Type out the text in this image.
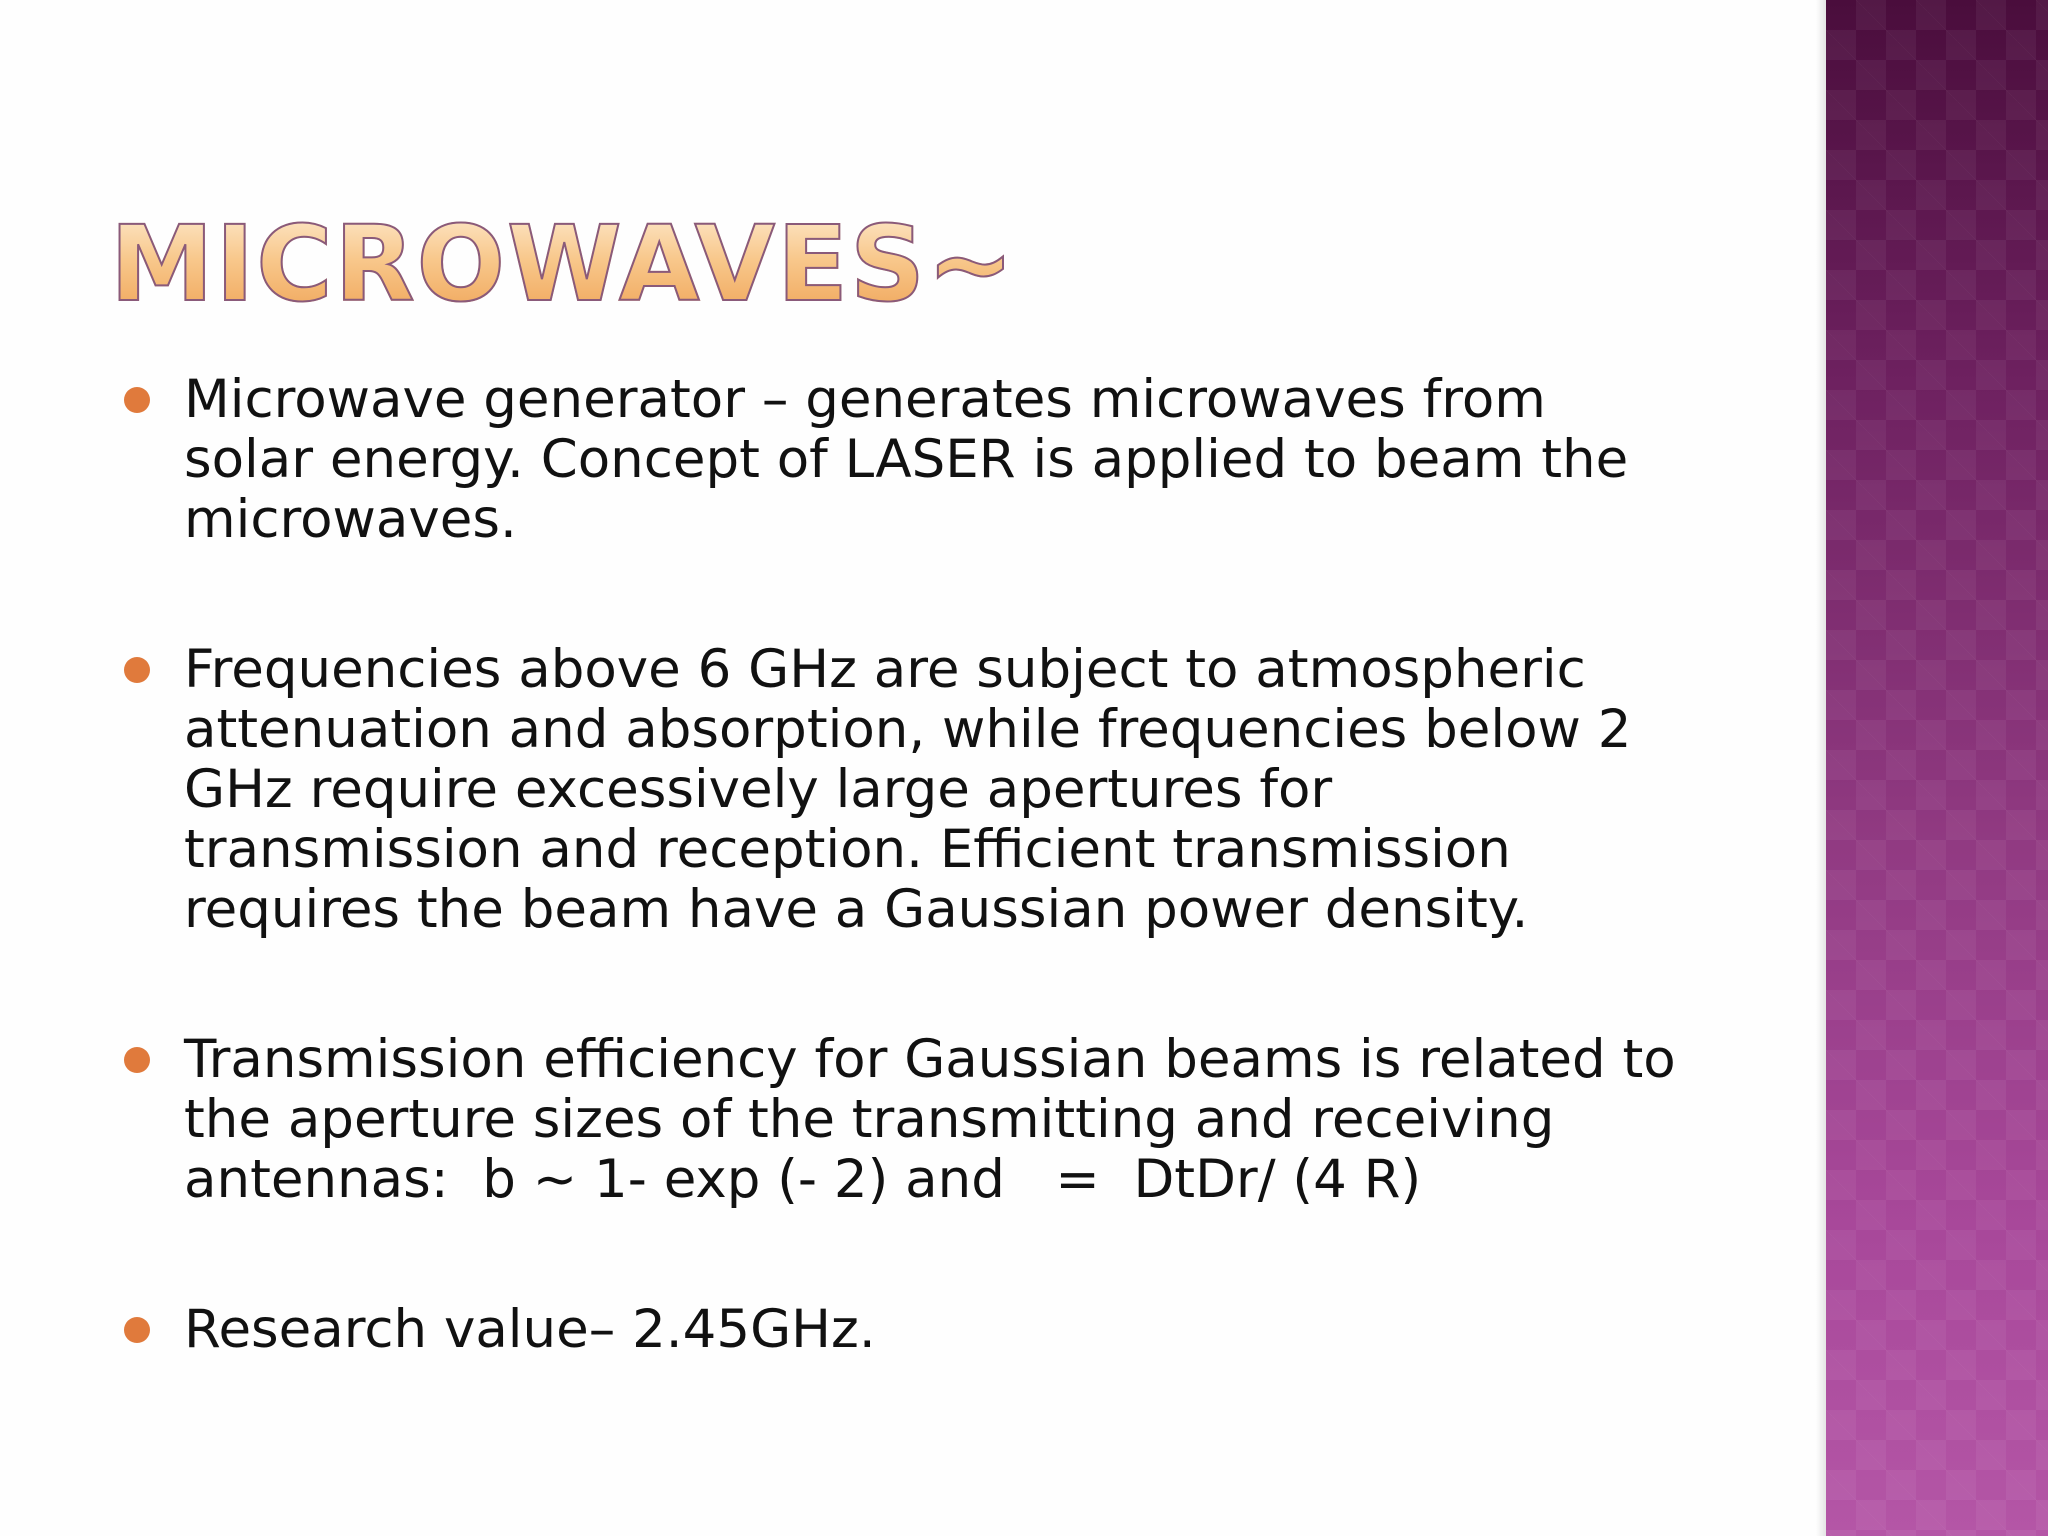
MICROWAVES~
Microwave generator – generates microwaves from solar energy. Concept of LASER is applied to beam the microwaves.
Frequencies above 6 GHz are subject to atmospheric attenuation and absorption, while frequencies below 2 GHz require excessively large apertures for transmission and reception. Efficient transmission requires the beam have a Gaussian power density.
Transmission efficiency for Gaussian beams is related to the aperture sizes of the transmitting and receiving antennas:  b ~ 1- exp (- 2) and   =  DtDr/ (4 R)
Research value– 2.45GHz.
